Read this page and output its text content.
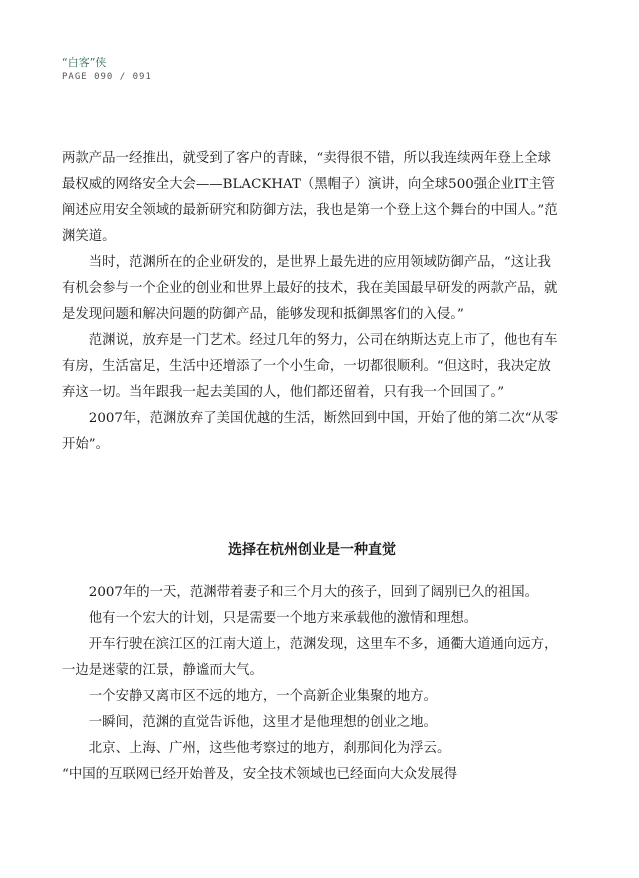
“白客”侠
PAGE 090 / 091

两款产品一经推出，就受到了客户的青睐，“卖得很不错，所以我连续两年登上全球最权威的网络安全大会——BLACKHAT（黑帽子）演讲，向全球500强企业IT主管阐述应用安全领域的最新研究和防御方法，我也是第一个登上这个舞台的中国人。”范渊笑道。

当时，范渊所在的企业研发的，是世界上最先进的应用领域防御产品，“这让我有机会参与一个企业的创业和世界上最好的技术，我在美国最早研发的两款产品，就是发现问题和解决问题的防御产品，能够发现和抵御黑客们的入侵。”

范渊说，放弃是一门艺术。经过几年的努力，公司在纳斯达克上市了，他也有车有房，生活富足，生活中还增添了一个小生命，一切都很顺利。“但这时，我决定放弃这一切。当年跟我一起去美国的人，他们都还留着，只有我一个回国了。”

2007年，范渊放弃了美国优越的生活，断然回到中国，开始了他的第二次“从零开始”。

选择在杭州创业是一种直觉

2007年的一天，范渊带着妻子和三个月大的孩子，回到了阔别已久的祖国。

他有一个宏大的计划，只是需要一个地方来承载他的激情和理想。

开车行驶在滨江区的江南大道上，范渊发现，这里车不多，通衢大道通向远方，一边是迷蒙的江景，静谧而大气。

一个安静又离市区不远的地方，一个高新企业集聚的地方。

一瞬间，范渊的直觉告诉他，这里才是他理想的创业之地。

北京、上海、广州，这些他考察过的地方，刹那间化为浮云。

“中国的互联网已经开始普及，安全技术领域也已经面向大众发展得
